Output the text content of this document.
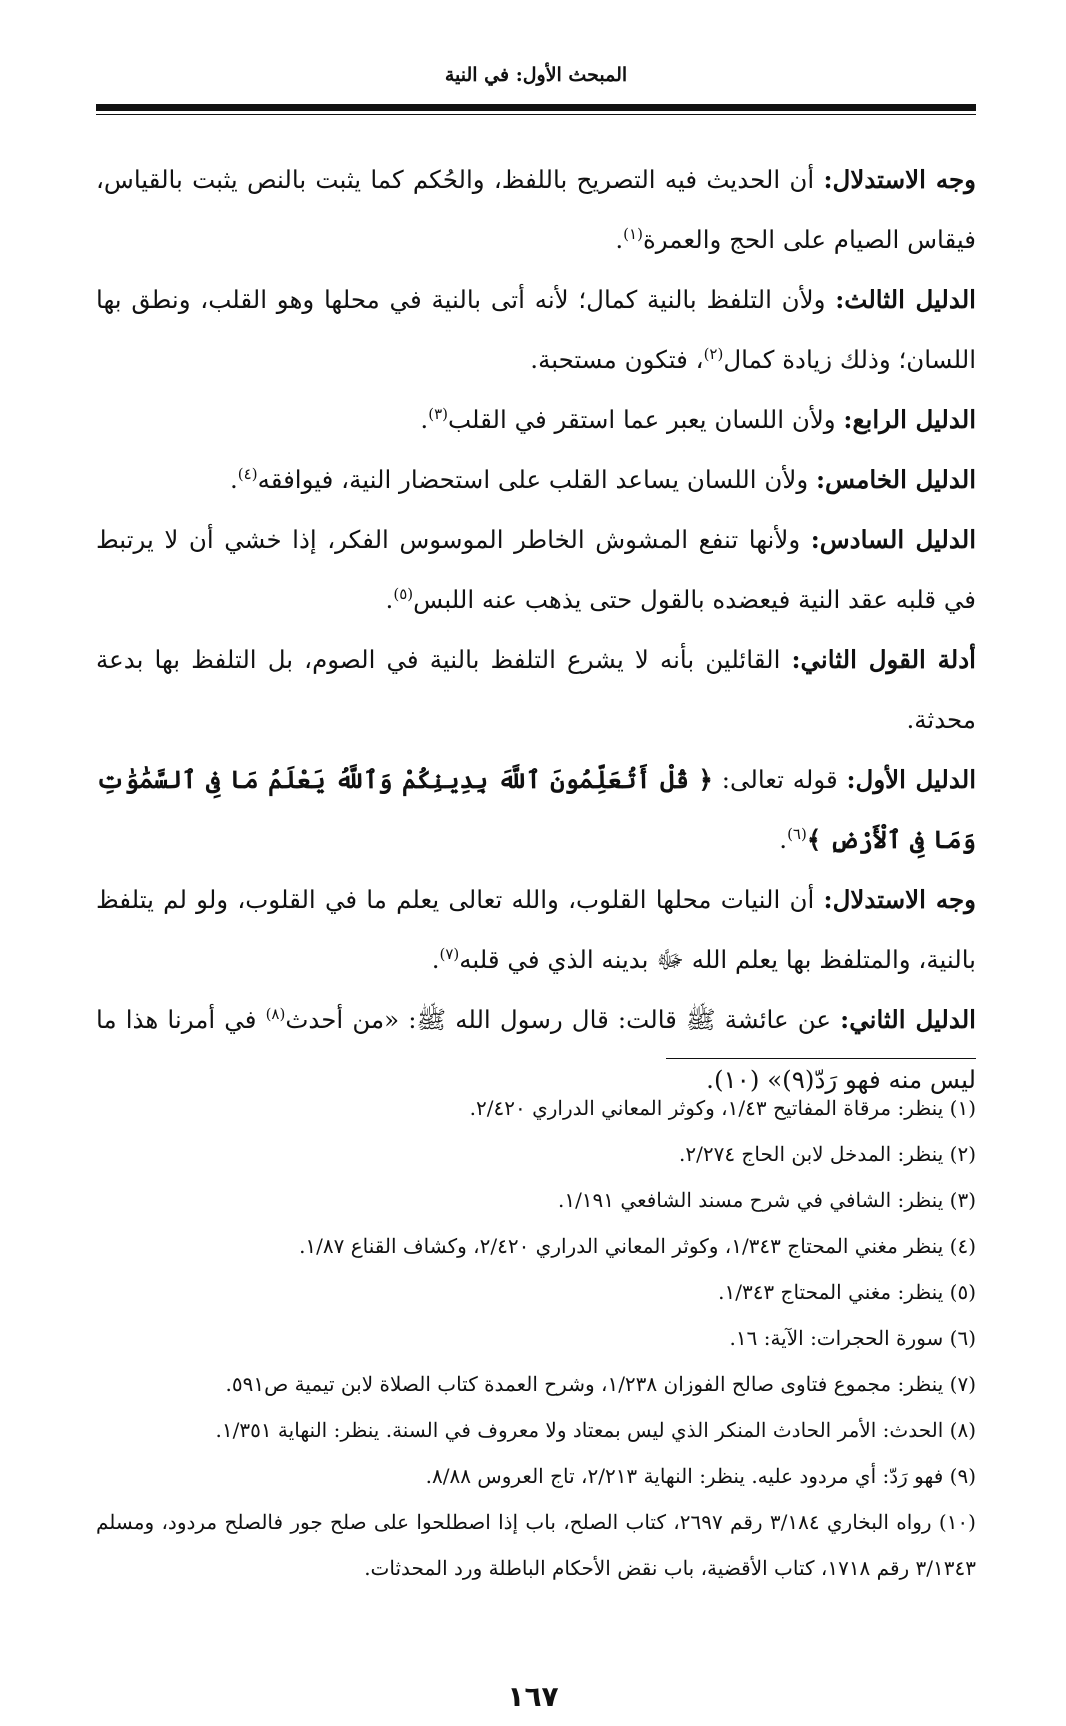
المبحث الأول: في النية

وجه الاستدلال: أن الحديث فيه التصريح باللفظ، والحُكم كما يثبت بالنص يثبت بالقياس، فيقاس الصيام على الحج والعمرة$^{(١)}$.

الدليل الثالث: ولأن التلفظ بالنية كمال؛ لأنه أتى بالنية في محلها وهو القلب، ونطق بها اللسان؛ وذلك زيادة كمال$^{(٢)}$، فتكون مستحبة.

الدليل الرابع: ولأن اللسان يعبر عما استقر في القلب$^{(٣)}$.

الدليل الخامس: ولأن اللسان يساعد القلب على استحضار النية، فيوافقه$^{(٤)}$.

الدليل السادس: ولأنها تنفع المشوش الخاطر الموسوس الفكر، إذا خشي أن لا يرتبط في قلبه عقد النية فيعضده بالقول حتى يذهب عنه اللبس$^{(٥)}$.

أدلة القول الثاني: القائلين بأنه لا يشرع التلفظ بالنية في الصوم، بل التلفظ بها بدعة محدثة.

الدليل الأول: قوله تعالى: ﴿ قُلْ أَتُعَلِّمُونَ ٱللَّهَ بِدِينِكُمْ وَٱللَّهُ يَعْلَمُ مَا فِى ٱلسَّمَٰوَٰتِ وَمَا فِى ٱلْأَرْضِ ﴾$^{(٦)}$.

وجه الاستدلال: أن النيات محلها القلوب، والله تعالى يعلم ما في القلوب، ولو لم يتلفظ بالنية، والمتلفظ بها يعلم الله ﷻ بدينه الذي في قلبه$^{(٧)}$.

الدليل الثاني: عن عائشة ﷺ قالت: قال رسول الله ﷺ: «من أحدث$^{(٨)}$ في أمرنا هذا ما ليس منه فهو رَدّ(٩)» (١٠).

(١) ينظر: مرقاة المفاتيح ١/٤٣، وكوثر المعاني الدراري ٢/٤٢٠.

(٢) ينظر: المدخل لابن الحاج ٢/٢٧٤.

(٣) ينظر: الشافي في شرح مسند الشافعي ١/١٩١.

(٤) ينظر مغني المحتاج ١/٣٤٣، وكوثر المعاني الدراري ٢/٤٢٠، وكشاف القناع ١/٨٧.

(٥) ينظر: مغني المحتاج ١/٣٤٣.

(٦) سورة الحجرات: الآية: ١٦.

(٧) ينظر: مجموع فتاوى صالح الفوزان ١/٢٣٨، وشرح العمدة كتاب الصلاة لابن تيمية ص٥٩١.

(٨) الحدث: الأمر الحادث المنكر الذي ليس بمعتاد ولا معروف في السنة. ينظر: النهاية ١/٣٥١.

(٩) فهو رَدّ: أي مردود عليه. ينظر: النهاية ٢/٢١٣، تاج العروس ٨/٨٨.

(١٠) رواه البخاري ٣/١٨٤ رقم ٢٦٩٧، كتاب الصلح، باب إذا اصطلحوا على صلح جور فالصلح مردود، ومسلم ٣/١٣٤٣ رقم ١٧١٨، كتاب الأقضية، باب نقض الأحكام الباطلة ورد المحدثات.

١٦٧
